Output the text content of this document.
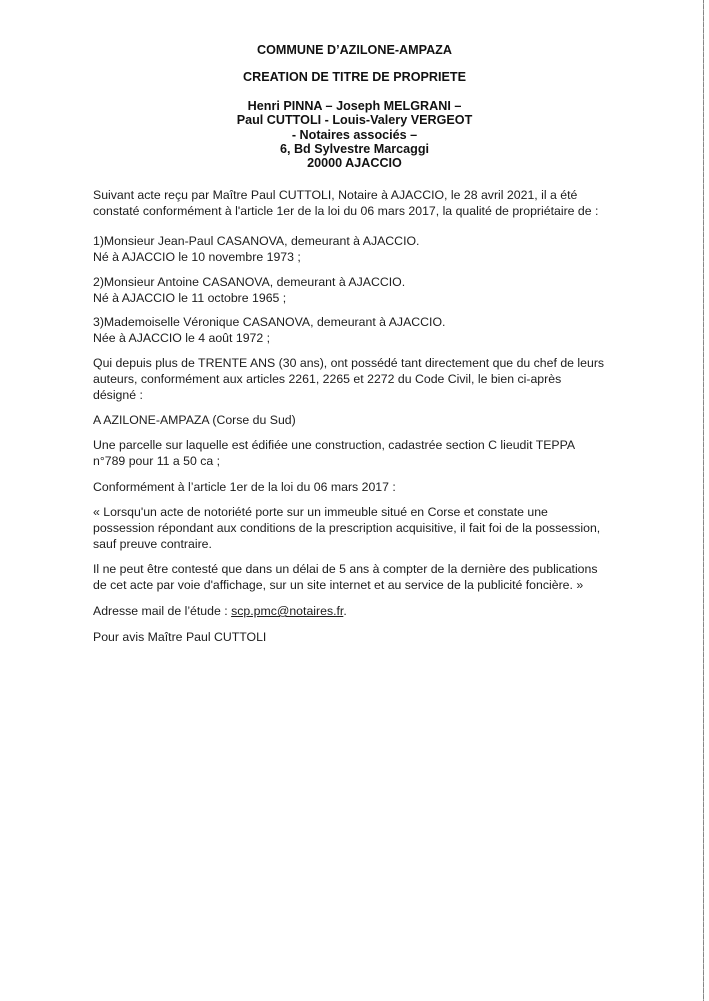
COMMUNE D’AZILONE-AMPAZA
CREATION DE TITRE DE PROPRIETE
Henri PINNA – Joseph MELGRANI –
Paul CUTTOLI - Louis-Valery VERGEOT
- Notaires associés –
6, Bd Sylvestre Marcaggi
20000 AJACCIO

Suivant acte reçu par Maître Paul CUTTOLI, Notaire à AJACCIO, le 28 avril 2021, il a été

constaté conformément à l'article 1er de la loi du 06 mars 2017, la qualité de propriétaire de :

1)Monsieur Jean-Paul CASANOVA, demeurant à AJACCIO.

Né à AJACCIO le 10 novembre 1973 ;

2)Monsieur Antoine CASANOVA, demeurant à AJACCIO.

Né à AJACCIO le 11 octobre 1965 ;

3)Mademoiselle Véronique CASANOVA, demeurant à AJACCIO.

Née à AJACCIO le 4 août 1972 ;

Qui depuis plus de TRENTE ANS (30 ans), ont possédé tant directement que du chef de leurs

auteurs, conformément aux articles 2261, 2265 et 2272 du Code Civil, le bien ci-après

désigné :

A AZILONE-AMPAZA (Corse du Sud)

Une parcelle sur laquelle est édifiée une construction, cadastrée section C lieudit TEPPA

n°789 pour 11 a 50 ca ;

Conformément à l’article 1er de la loi du 06 mars 2017 :

« Lorsqu'un acte de notoriété porte sur un immeuble situé en Corse et constate une

possession répondant aux conditions de la prescription acquisitive, il fait foi de la possession,

sauf preuve contraire.

Il ne peut être contesté que dans un délai de 5 ans à compter de la dernière des publications

de cet acte par voie d'affichage, sur un site internet et au service de la publicité foncière. »

Adresse mail de l’étude : scp.pmc@notaires.fr.

Pour avis Maître Paul CUTTOLI
